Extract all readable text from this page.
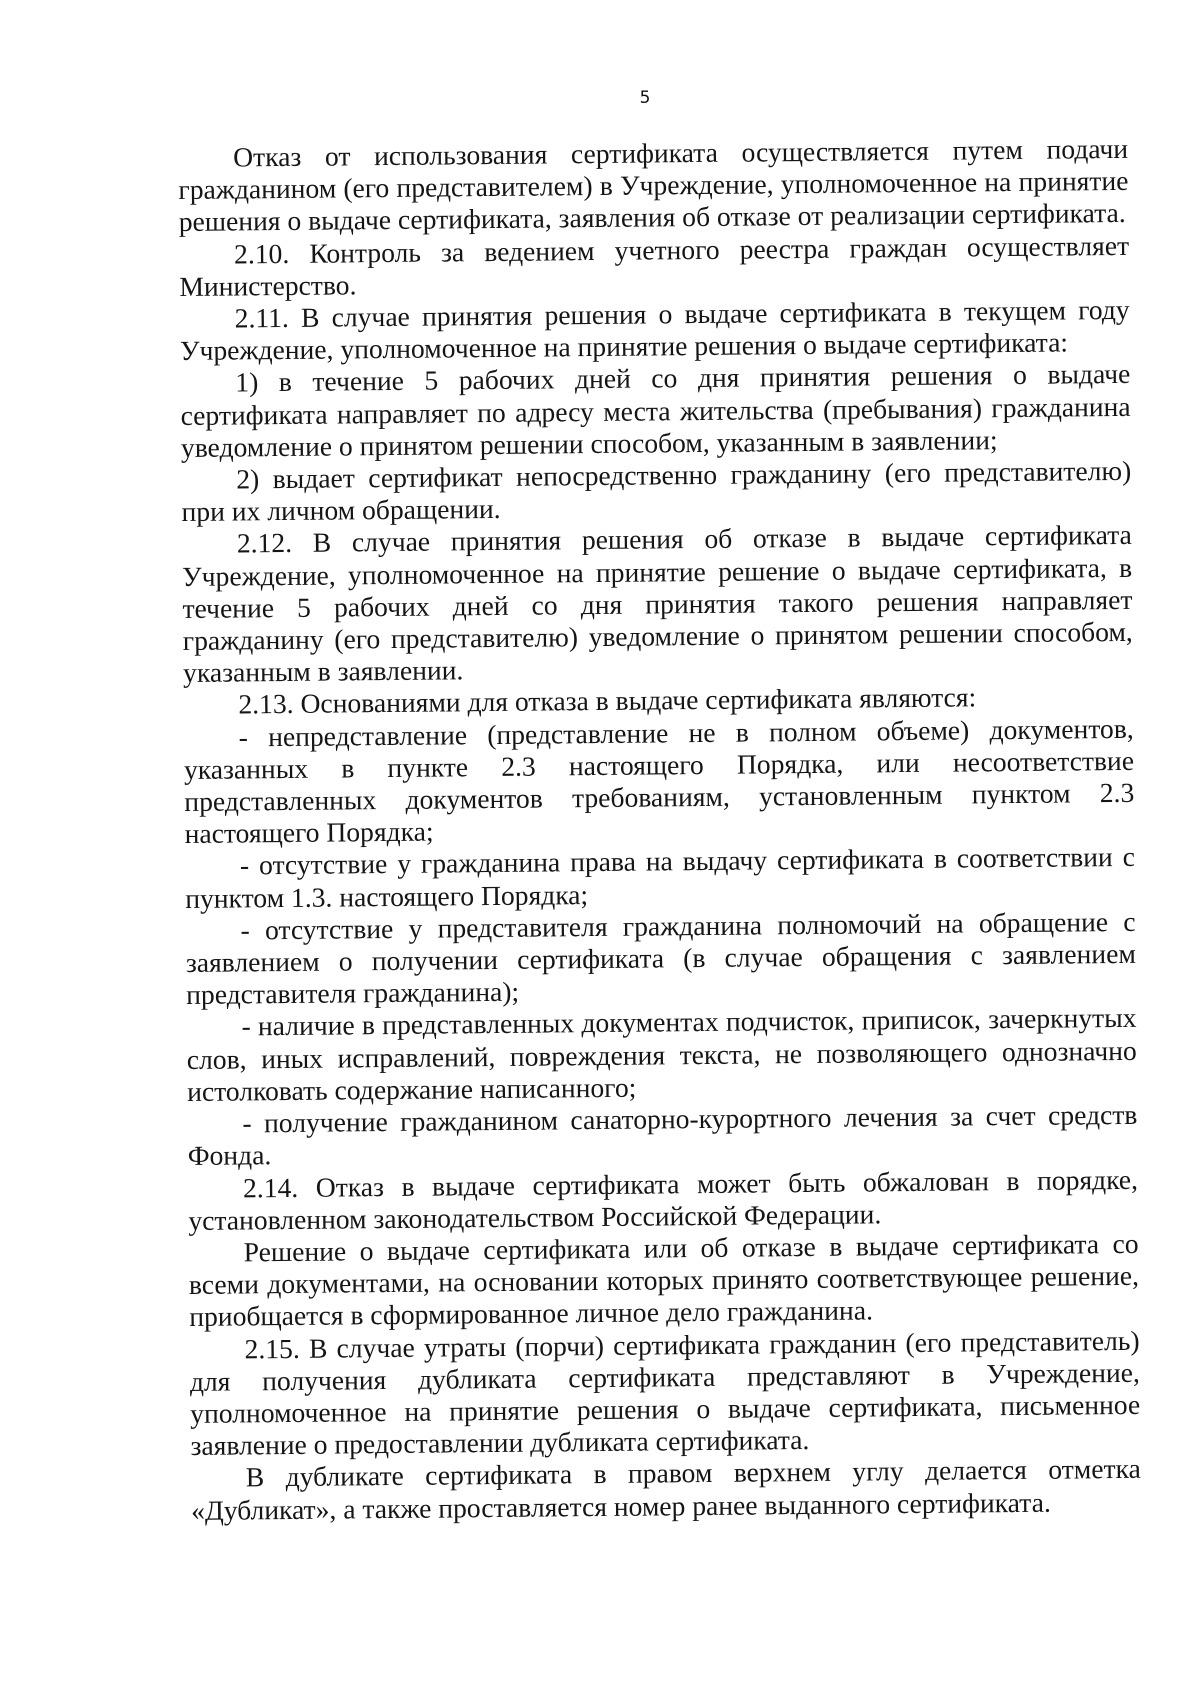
5

Отказ от использования сертификата осуществляется путем подачи гражданином (его представителем) в Учреждение, уполномоченное на принятие решения о выдаче сертификата, заявления об отказе от реализации сертификата.

2.10. Контроль за ведением учетного реестра граждан осуществляет Министерство.

2.11. В случае принятия решения о выдаче сертификата в текущем году Учреждение, уполномоченное на принятие решения о выдаче сертификата:

1) в течение 5 рабочих дней со дня принятия решения о выдаче сертификата направляет по адресу места жительства (пребывания) гражданина уведомление о принятом решении способом, указанным в заявлении;

2) выдает сертификат непосредственно гражданину (его представителю) при их личном обращении.

2.12. В случае принятия решения об отказе в выдаче сертификата Учреждение, уполномоченное на принятие решение о выдаче сертификата, в течение 5 рабочих дней со дня принятия такого решения направляет гражданину (его представителю) уведомление о принятом решении способом, указанным в заявлении.

2.13. Основаниями для отказа в выдаче сертификата являются:

- непредставление (представление не в полном объеме) документов, указанных в пункте 2.3 настоящего Порядка, или несоответствие представленных документов требованиям, установленным пунктом 2.3 настоящего Порядка;

- отсутствие у гражданина права на выдачу сертификата в соответствии с пунктом 1.3. настоящего Порядка;

- отсутствие у представителя гражданина полномочий на обращение с заявлением о получении сертификата (в случае обращения с заявлением представителя гражданина);

- наличие в представленных документах подчисток, приписок, зачеркнутых слов, иных исправлений, повреждения текста, не позволяющего однозначно истолковать содержание написанного;

- получение гражданином санаторно-курортного лечения за счет средств Фонда.

2.14. Отказ в выдаче сертификата может быть обжалован в порядке, установленном законодательством Российской Федерации.

Решение о выдаче сертификата или об отказе в выдаче сертификата со всеми документами, на основании которых принято соответствующее решение, приобщается в сформированное личное дело гражданина.

2.15. В случае утраты (порчи) сертификата гражданин (его представитель) для получения дубликата сертификата представляют в Учреждение, уполномоченное на принятие решения о выдаче сертификата, письменное заявление о предоставлении дубликата сертификата.

В дубликате сертификата в правом верхнем углу делается отметка «Дубликат», а также проставляется номер ранее выданного сертификата.
